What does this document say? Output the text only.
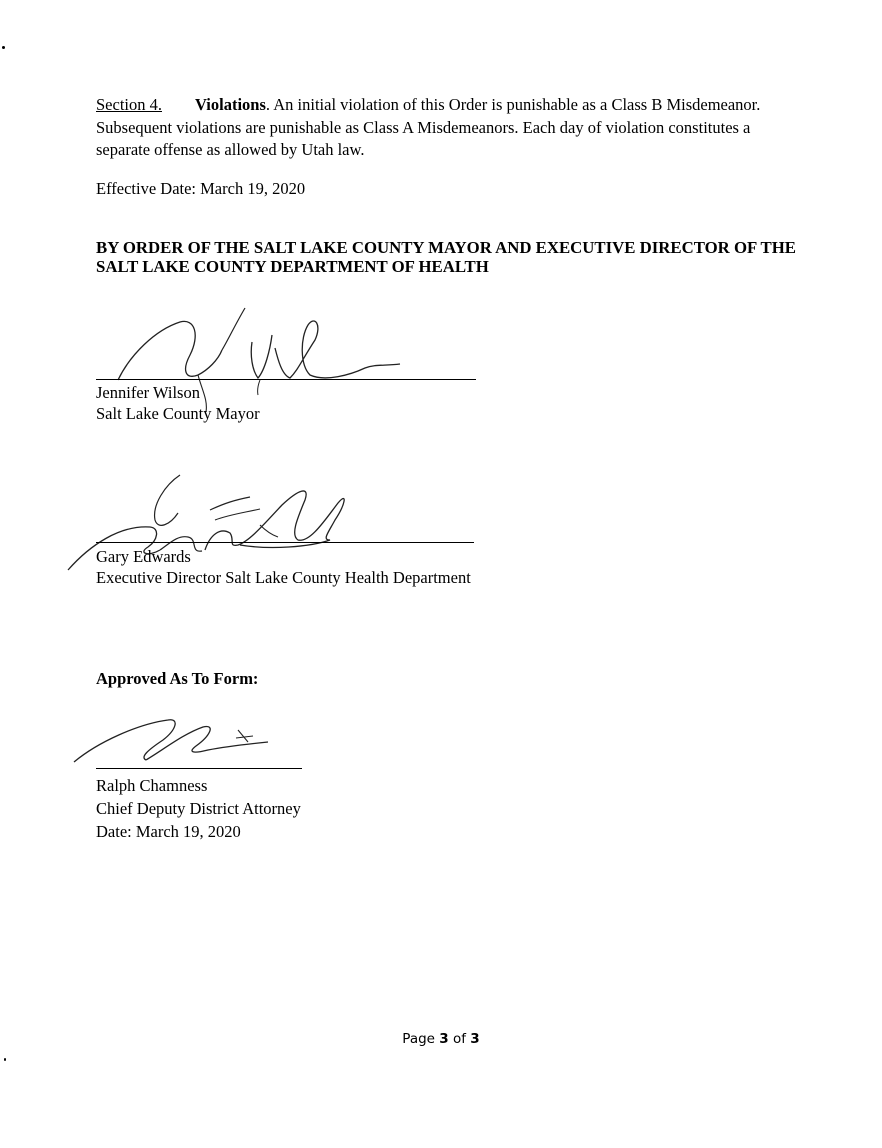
Section 4. Violations. An initial violation of this Order is punishable as a Class B Misdemeanor. Subsequent violations are punishable as Class A Misdemeanors. Each day of violation constitutes a separate offense as allowed by Utah law.
Effective Date: March 19, 2020
BY ORDER OF THE SALT LAKE COUNTY MAYOR AND EXECUTIVE DIRECTOR OF THE SALT LAKE COUNTY DEPARTMENT OF HEALTH
Jennifer Wilson
Salt Lake County Mayor
Gary Edwards
Executive Director Salt Lake County Health Department
Approved As To Form:
Ralph Chamness
Chief Deputy District Attorney
Date: March 19, 2020
Page 3 of 3
